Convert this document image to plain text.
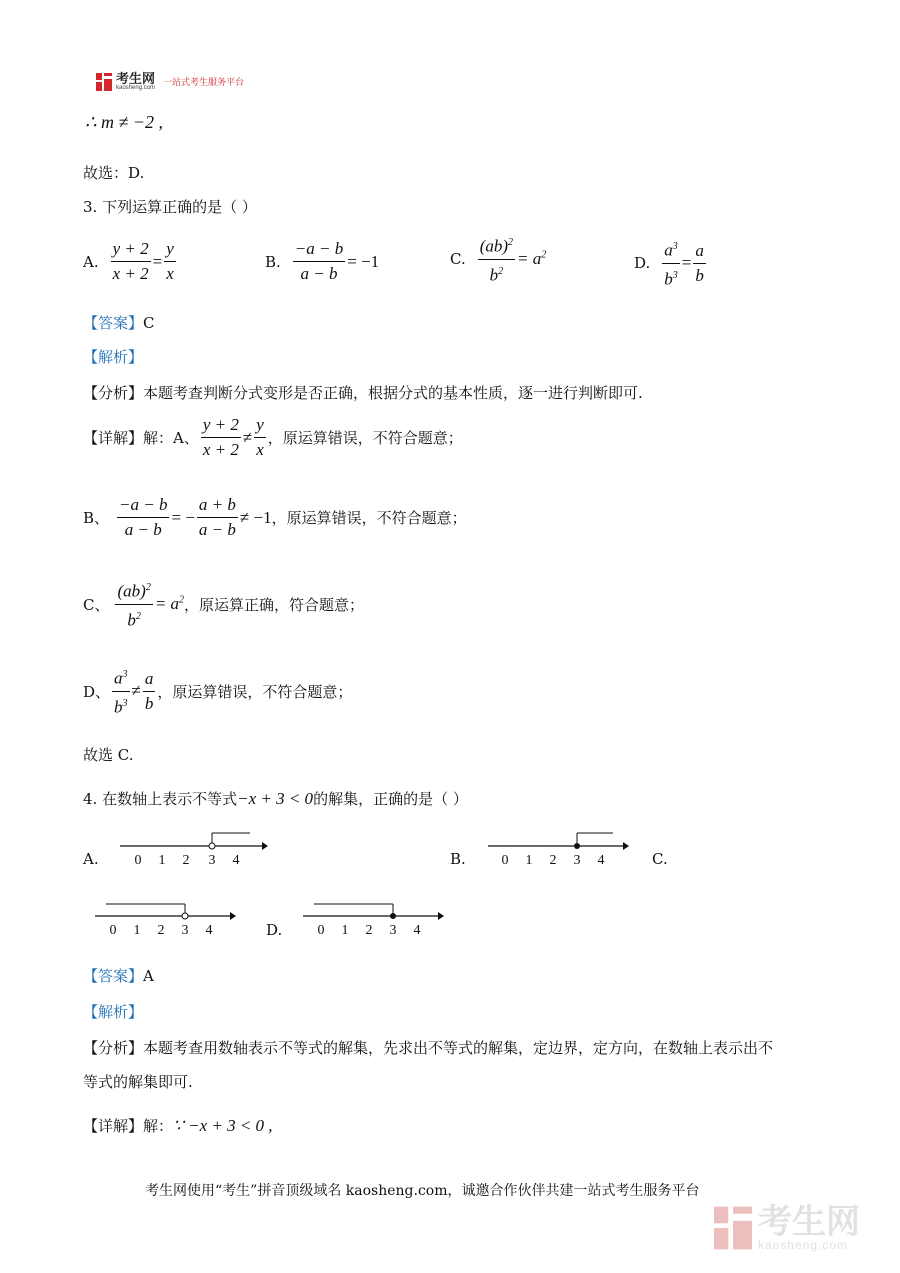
考生网
kaosheng.com 一站式考生服务平台
∴ m ≠ −2 ,
故选：D.
3. 下列运算正确的是（ ）
A. $\frac{y + 2}{x + 2} = \frac{y}{x}$	B. $\frac{-a - b}{a - b} = -1$	C. $\frac{(ab)^2}{b^2} = a^2$	D. $\frac{a^3}{b^3} = \frac{a}{b}$
【答案】C
【解析】
【分析】本题考查判断分式变形是否正确，根据分式的基本性质，逐一进行判断即可.
【详解】 解：A、 $\frac{y + 2}{x + 2} \ne \frac{y}{x}$ ，原运算错误，不符合题意；
B、 $\frac{-a - b}{a - b}$ = − $\frac{a + b}{a - b} \ne -1$ ，原运算错误，不符合题意；
C、 $\frac{(ab)^2}{b^2} = a^2$ ，原运算正确，符合题意；
D、 $\frac{a^3}{b^3} \ne \frac{a}{b}$ ，原运算错误，不符合题意；
故选 C.
4. 在数轴上表示不等式−x + 3 < 0的解集，正确的是（ ）
A.	0 1 2 3 4	B.	0 1 2 3 4	C.
0 1 2 3 4	D.	0 1 2 3 4
【答案】A
【解析】
【分析】本题考查用数轴表示不等式的解集，先求出不等式的解集，定边界，定方向，在数轴上表示出不
等式的解集即可.
【详解】解：∵ −x + 3 < 0 ,
考生网使用“考生”拼音顶级域名 kaosheng.com，诚邀合作伙伴共建一站式考生服务平台
考生网
kaosheng.com
